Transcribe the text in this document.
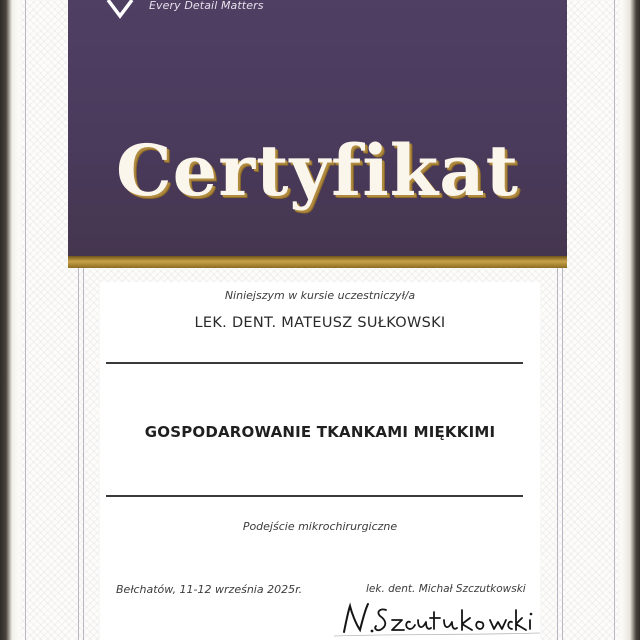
Every Detail Matters
Certyfikat
Niniejszym w kursie uczestniczył/a
LEK. DENT. MATEUSZ SUŁKOWSKI
GOSPODAROWANIE TKANKAMI MIĘKKIMI
Podejście mikrochirurgiczne
Bełchatów, 11-12 września 2025r.	lek. dent. Michał Szczutkowski
